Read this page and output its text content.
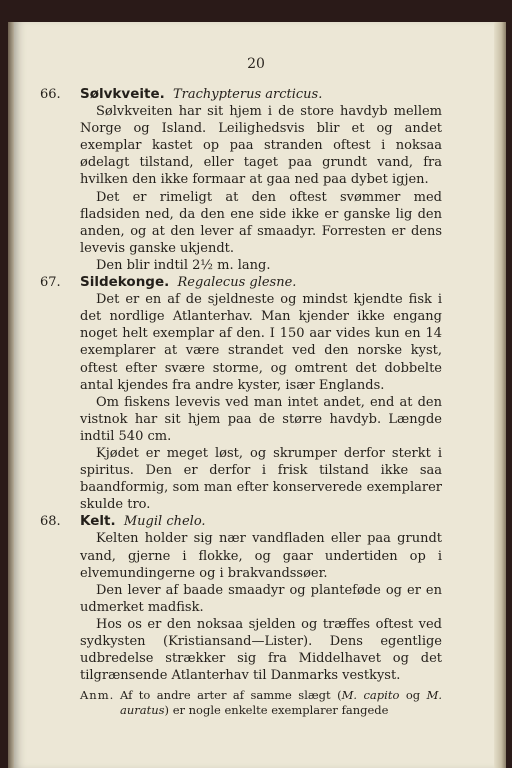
20
66. Sølvkveite. Trachypterus arcticus.

Sølvkveiten har sit hjem i de store havdyb mellem Norge og Island. Leilighedsvis blir et og andet exemplar kastet op paa stranden oftest i noksaa ødelagt tilstand, eller taget paa grundt vand, fra hvilken den ikke formaar at gaa ned paa dybet igjen.

Det er rimeligt at den oftest svømmer med fladsiden ned, da den ene side ikke er ganske lig den anden, og at den lever af smaadyr. Forresten er dens levevis ganske ukjendt.

Den blir indtil 2½ m. lang.

67. Sildekonge. Regalecus glesne.

Det er en af de sjeldneste og mindst kjendte fisk i det nordlige Atlanterhav. Man kjender ikke engang noget helt exemplar af den. I 150 aar vides kun en 14 exemplarer at være strandet ved den norske kyst, oftest efter svære storme, og omtrent det dobbelte antal kjendes fra andre kyster, især Englands.

Om fiskens levevis ved man intet andet, end at den vistnok har sit hjem paa de større havdyb. Længde indtil 540 cm.

Kjødet er meget løst, og skrumper derfor sterkt i spiritus. Den er derfor i frisk tilstand ikke saa baandformig, som man efter konserverede exemplarer skulde tro.

68. Kelt. Mugil chelo.

Kelten holder sig nær vandfladen eller paa grundt vand, gjerne i flokke, og gaar undertiden op i elvemundingerne og i brakvandssøer.

Den lever af baade smaadyr og planteføde og er en udmerket madfisk.

Hos os er den noksaa sjelden og træffes oftest ved sydkysten (Kristiansand—Lister). Dens egentlige udbredelse strækker sig fra Middelhavet og det tilgrænsende Atlanterhav til Danmarks vestkyst.

Anm. Af to andre arter af samme slægt (M. capito og M. auratus) er nogle enkelte exemplarer fangede
